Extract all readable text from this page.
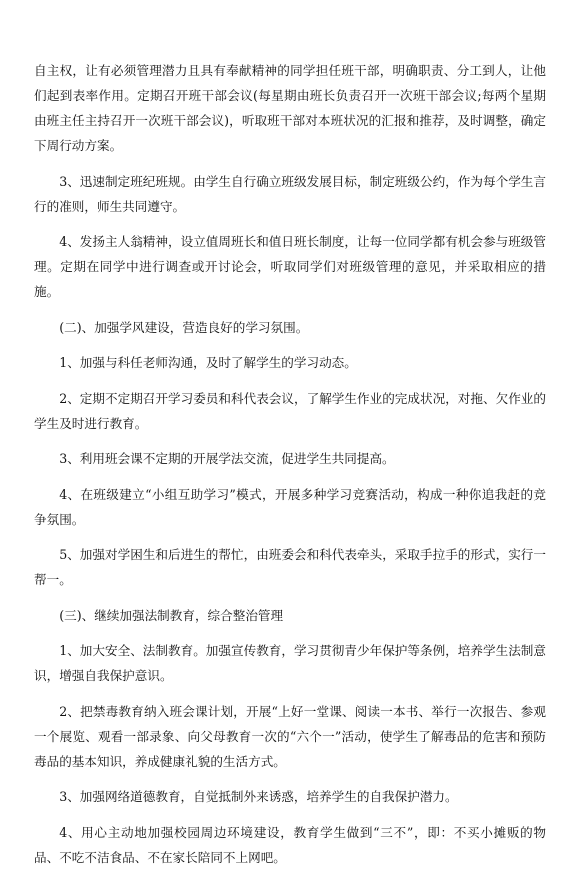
自主权，让有必须管理潜力且具有奉献精神的同学担任班干部，明确职责、分工到人，让他们起到表率作用。定期召开班干部会议(每星期由班长负责召开一次班干部会议;每两个星期由班主任主持召开一次班干部会议)，听取班干部对本班状况的汇报和推荐，及时调整，确定下周行动方案。

3、迅速制定班纪班规。由学生自行确立班级发展目标，制定班级公约，作为每个学生言行的准则，师生共同遵守。

4、发扬主人翁精神，设立值周班长和值日班长制度，让每一位同学都有机会参与班级管理。定期在同学中进行调查或开讨论会，听取同学们对班级管理的意见，并采取相应的措施。

(二)、加强学风建设，营造良好的学习氛围。

1、加强与科任老师沟通，及时了解学生的学习动态。

2、定期不定期召开学习委员和科代表会议，了解学生作业的完成状况，对拖、欠作业的学生及时进行教育。

3、利用班会课不定期的开展学法交流，促进学生共同提高。

4、在班级建立“小组互助学习”模式，开展多种学习竞赛活动，构成一种你追我赶的竞争氛围。

5、加强对学困生和后进生的帮忙，由班委会和科代表牵头，采取手拉手的形式，实行一帮一。

(三)、继续加强法制教育，综合整治管理

1、加大安全、法制教育。加强宣传教育，学习贯彻青少年保护等条例，培养学生法制意识，增强自我保护意识。

2、把禁毒教育纳入班会课计划，开展“上好一堂课、阅读一本书、举行一次报告、参观一个展览、观看一部录象、向父母教育一次的“六个一”活动，使学生了解毒品的危害和预防毒品的基本知识，养成健康礼貌的生活方式。

3、加强网络道德教育，自觉抵制外来诱惑，培养学生的自我保护潜力。

4、用心主动地加强校园周边环境建设，教育学生做到“三不”，即：不买小摊贩的物品、不吃不洁食品、不在家长陪同不上网吧。
